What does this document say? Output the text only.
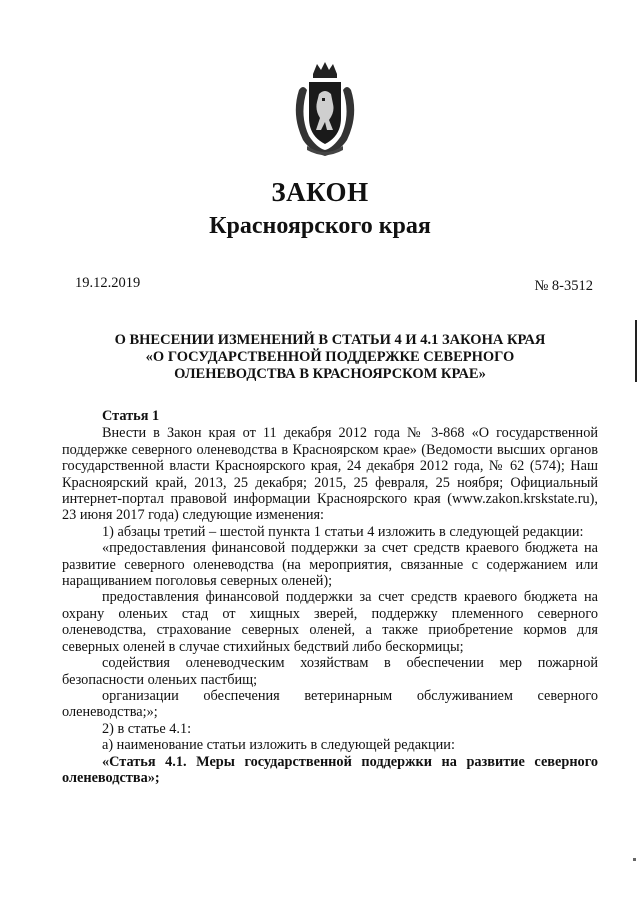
ЗАКОН
Красноярского края
19.12.2019	№ 8-3512
О ВНЕСЕНИИ ИЗМЕНЕНИЙ В СТАТЬИ 4 И 4.1 ЗАКОНА КРАЯ
«О ГОСУДАРСТВЕННОЙ ПОДДЕРЖКЕ СЕВЕРНОГО
ОЛЕНЕВОДСТВА В КРАСНОЯРСКОМ КРАЕ»

Статья 1

Внести в Закон края от 11 декабря 2012 года № 3-868 «О государственной поддержке северного оленеводства в Красноярском крае» (Ведомости высших органов государственной власти Красноярского края, 24 декабря 2012 года, № 62 (574); Наш Красноярский край, 2013, 25 декабря; 2015, 25 февраля, 25 ноября; Официальный интернет-портал правовой информации Красноярского края (www.zakon.krskstate.ru), 23 июня 2017 года) следующие изменения:

1) абзацы третий – шестой пункта 1 статьи 4 изложить в следующей редакции:

«предоставления финансовой поддержки за счет средств краевого бюджета на развитие северного оленеводства (на мероприятия, связанные с содержанием или наращиванием поголовья северных оленей);

предоставления финансовой поддержки за счет средств краевого бюджета на охрану оленьих стад от хищных зверей, поддержку племенного северного оленеводства, страхование северных оленей, а также приобретение кормов для северных оленей в случае стихийных бедствий либо бескормицы;

содействия оленеводческим хозяйствам в обеспечении мер пожарной безопасности оленьих пастбищ;

организации обеспечения ветеринарным обслуживанием северного оленеводства;»;

2) в статье 4.1:

а) наименование статьи изложить в следующей редакции:

«Статья 4.1. Меры государственной поддержки на развитие северного оленеводства»;
